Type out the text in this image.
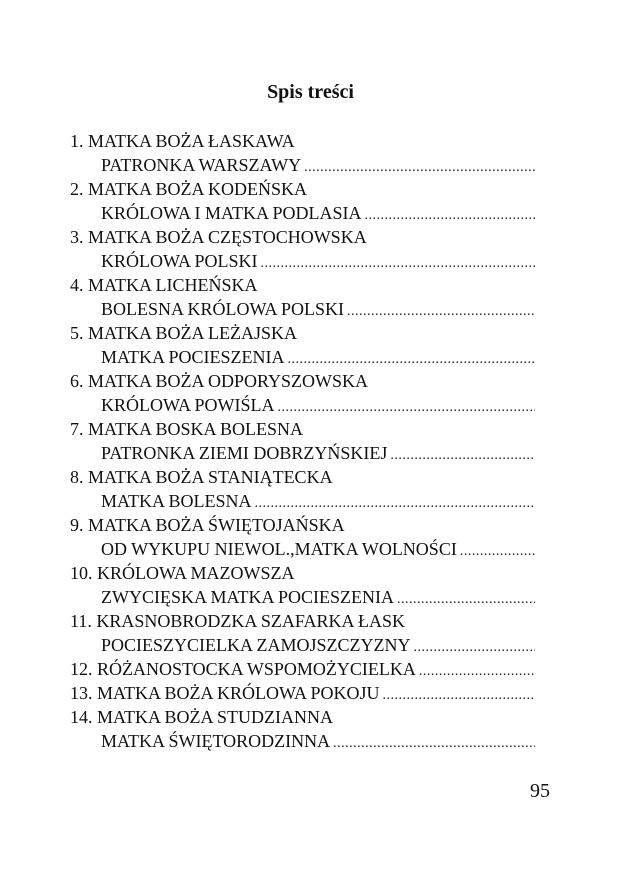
Spis treści
1.
MATKA BOŻA ŁASKAWA
PATRONKA WARSZAWY
.....
2.
MATKA BOŻA KODEŃSKA
KRÓLOWA I MATKA PODLASIA
.....
3.
MATKA BOŻA CZĘSTOCHOWSKA
KRÓLOWA POLSKI
.....
4.
MATKA LICHEŃSKA
BOLESNA KRÓLOWA POLSKI
.....
5.
MATKA BOŻA LEŻAJSKA
MATKA POCIESZENIA
.....
6.
MATKA BOŻA ODPORYSZOWSKA
KRÓLOWA POWIŚLA
.....
7.
MATKA BOSKA BOLESNA
PATRONKA ZIEMI DOBRZYŃSKIEJ
.....
8.
MATKA BOŻA STANIĄTECKA
MATKA BOLESNA
.....
9.
MATKA BOŻA ŚWIĘTOJAŃSKA
OD WYKUPU NIEWOL.,MATKA WOLNOŚCI
.....
10.
KRÓLOWA MAZOWSZA
ZWYCIĘSKA MATKA POCIESZENIA
.....
11.
KRASNOBRODZKA SZAFARKA ŁASK
POCIESZYCIELKA ZAMOJSZCZYZNY
.....
12.
RÓŻANOSTOCKA WSPOMOŻYCIELKA
.....
13.
MATKA BOŻA KRÓLOWA POKOJU
.....
14.
MATKA BOŻA STUDZIANNA
MATKA ŚWIĘTORODZINNA
.....
95
